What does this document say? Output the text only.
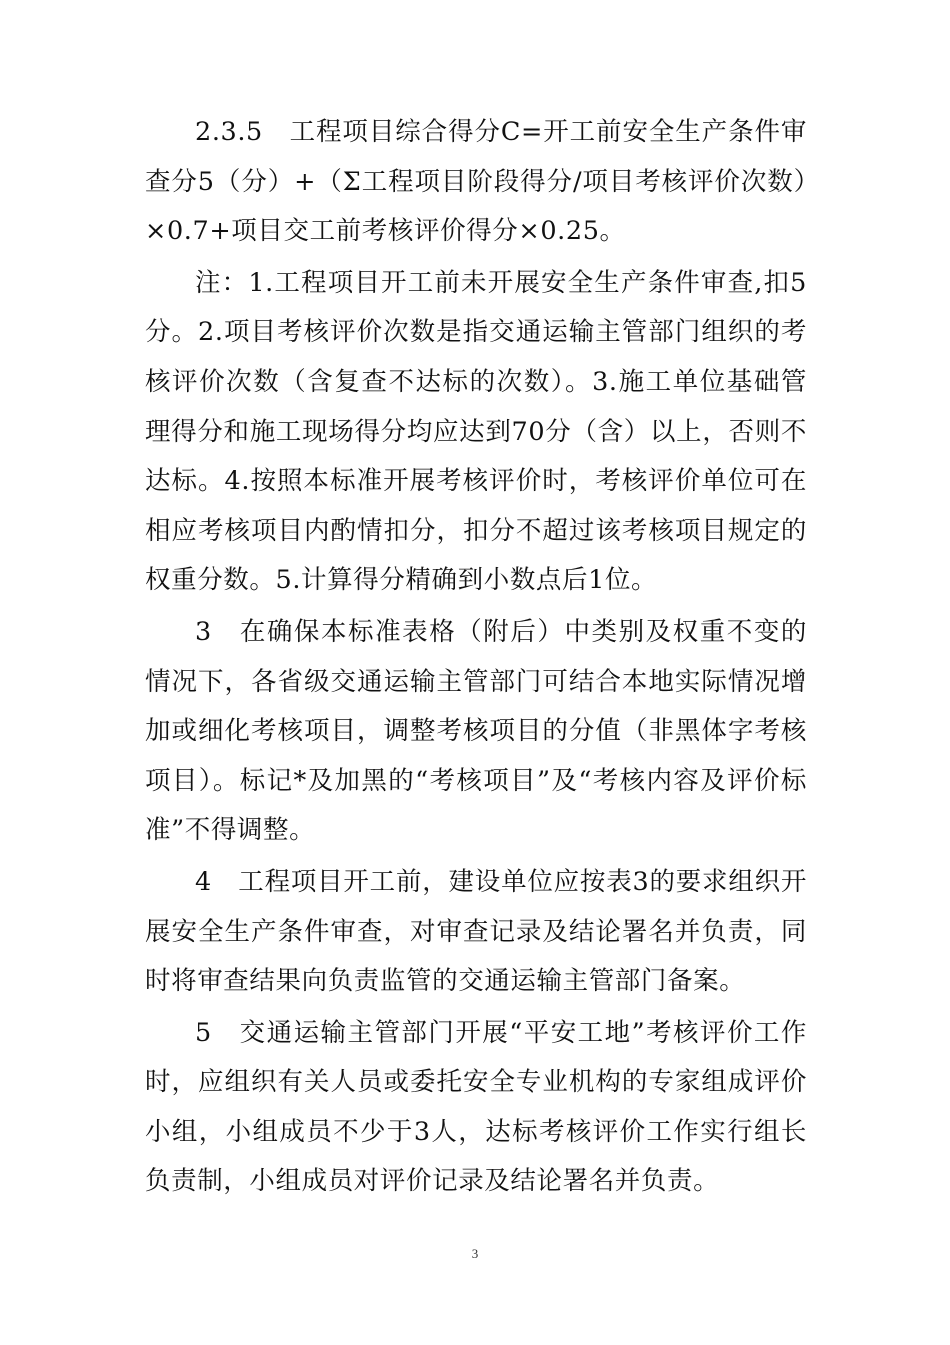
2.3.5　工程项目综合得分C=开工前安全生产条件审查分5（分）+（Σ工程项目阶段得分/项目考核评价次数）×0.7+项目交工前考核评价得分×0.25。

注：1.工程项目开工前未开展安全生产条件审查,扣5分。2.项目考核评价次数是指交通运输主管部门组织的考核评价次数（含复查不达标的次数）。3.施工单位基础管理得分和施工现场得分均应达到70分（含）以上，否则不达标。4.按照本标准开展考核评价时，考核评价单位可在相应考核项目内酌情扣分，扣分不超过该考核项目规定的权重分数。5.计算得分精确到小数点后1位。

3　在确保本标准表格（附后）中类别及权重不变的情况下，各省级交通运输主管部门可结合本地实际情况增加或细化考核项目，调整考核项目的分值（非黑体字考核项目）。标记*及加黑的“考核项目”及“考核内容及评价标准”不得调整。

4　工程项目开工前，建设单位应按表3的要求组织开展安全生产条件审查，对审查记录及结论署名并负责，同时将审查结果向负责监管的交通运输主管部门备案。

5　交通运输主管部门开展“平安工地”考核评价工作时，应组织有关人员或委托安全专业机构的专家组成评价小组，小组成员不少于3人，达标考核评价工作实行组长负责制，小组成员对评价记录及结论署名并负责。

3
